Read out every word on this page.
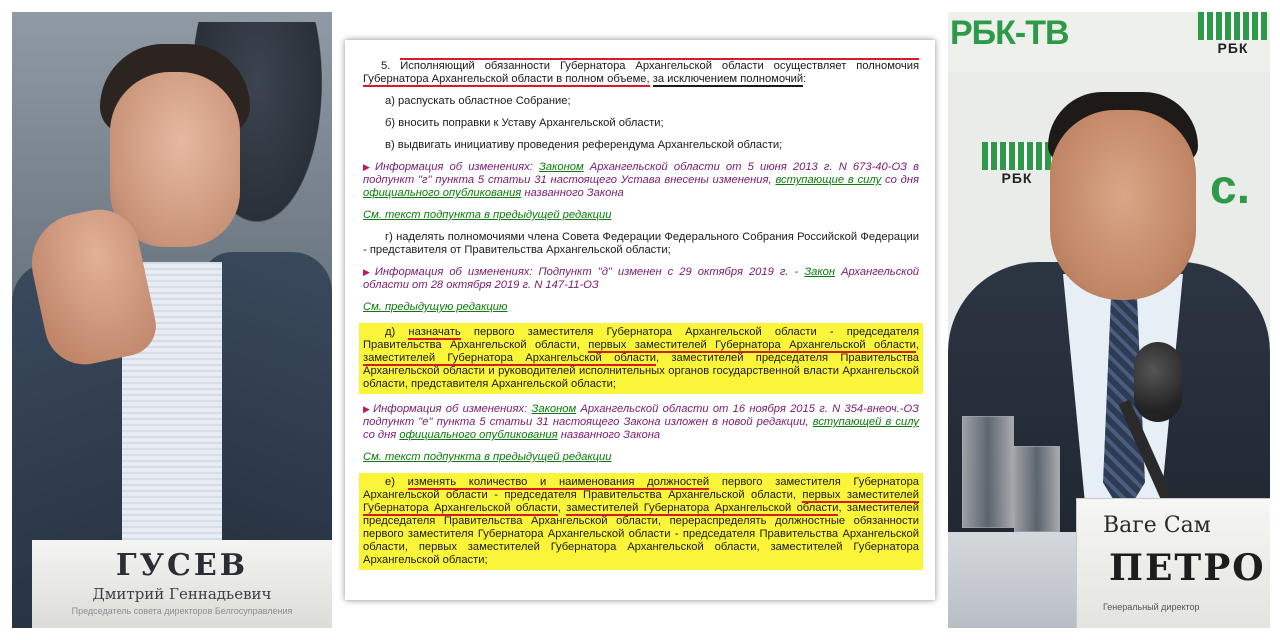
ГУСЕВ
Дмитрий Геннадьевич
Председатель совета директоров Белгосуправления

5. Исполняющий обязанности Губернатора Архангельской области осуществляет полномочия Губернатора Архангельской области в полном объеме, за исключением полномочий:

а) распускать областное Собрание;

б) вносить поправки к Уставу Архангельской области;

в) выдвигать инициативу проведения референдума Архангельской области;

▶ Информация об изменениях: Законом Архангельской области от 5 июня 2013 г. N 673-40-ОЗ в подпункт "г" пункта 5 статьи 31 настоящего Устава внесены изменения, вступающие в силу со дня официального опубликования названного Закона

См. текст подпункта в предыдущей редакции

г) наделять полномочиями члена Совета Федерации Федерального Собрания Российской Федерации - представителя от Правительства Архангельской области;

▶ Информация об изменениях: Подпункт "д" изменен с 29 октября 2019 г. - Закон Архангельской области от 28 октября 2019 г. N 147-11-ОЗ

См. предыдущую редакцию

д) назначать первого заместителя Губернатора Архангельской области - председателя Правительства Архангельской области, первых заместителей Губернатора Архангельской области, заместителей Губернатора Архангельской области, заместителей председателя Правительства Архангельской области и руководителей исполнительных органов государственной власти Архангельской области, представителя Архангельской области;

▶ Информация об изменениях: Законом Архангельской области от 16 ноября 2015 г. N 354-внеоч.-ОЗ подпункт "е" пункта 5 статьи 31 настоящего Закона изложен в новой редакции, вступающей в силу со дня официального опубликования названного Закона

См. текст подпункта в предыдущей редакции

е) изменять количество и наименования должностей первого заместителя Губернатора Архангельской области - председателя Правительства Архангельской области, первых заместителей Губернатора Архангельской области, заместителей Губернатора Архангельской области, заместителей председателя Правительства Архангельской области, перераспределять должностные обязанности первого заместителя Губернатора Архангельской области - председателя Правительства Архангельской области, первых заместителей Губернатора Архангельской области, заместителей Губернатора Архангельской области;

РБК-ТВ	РБК
РБК	с.
Ваге Сам
ПЕТРО
Генеральный директор
